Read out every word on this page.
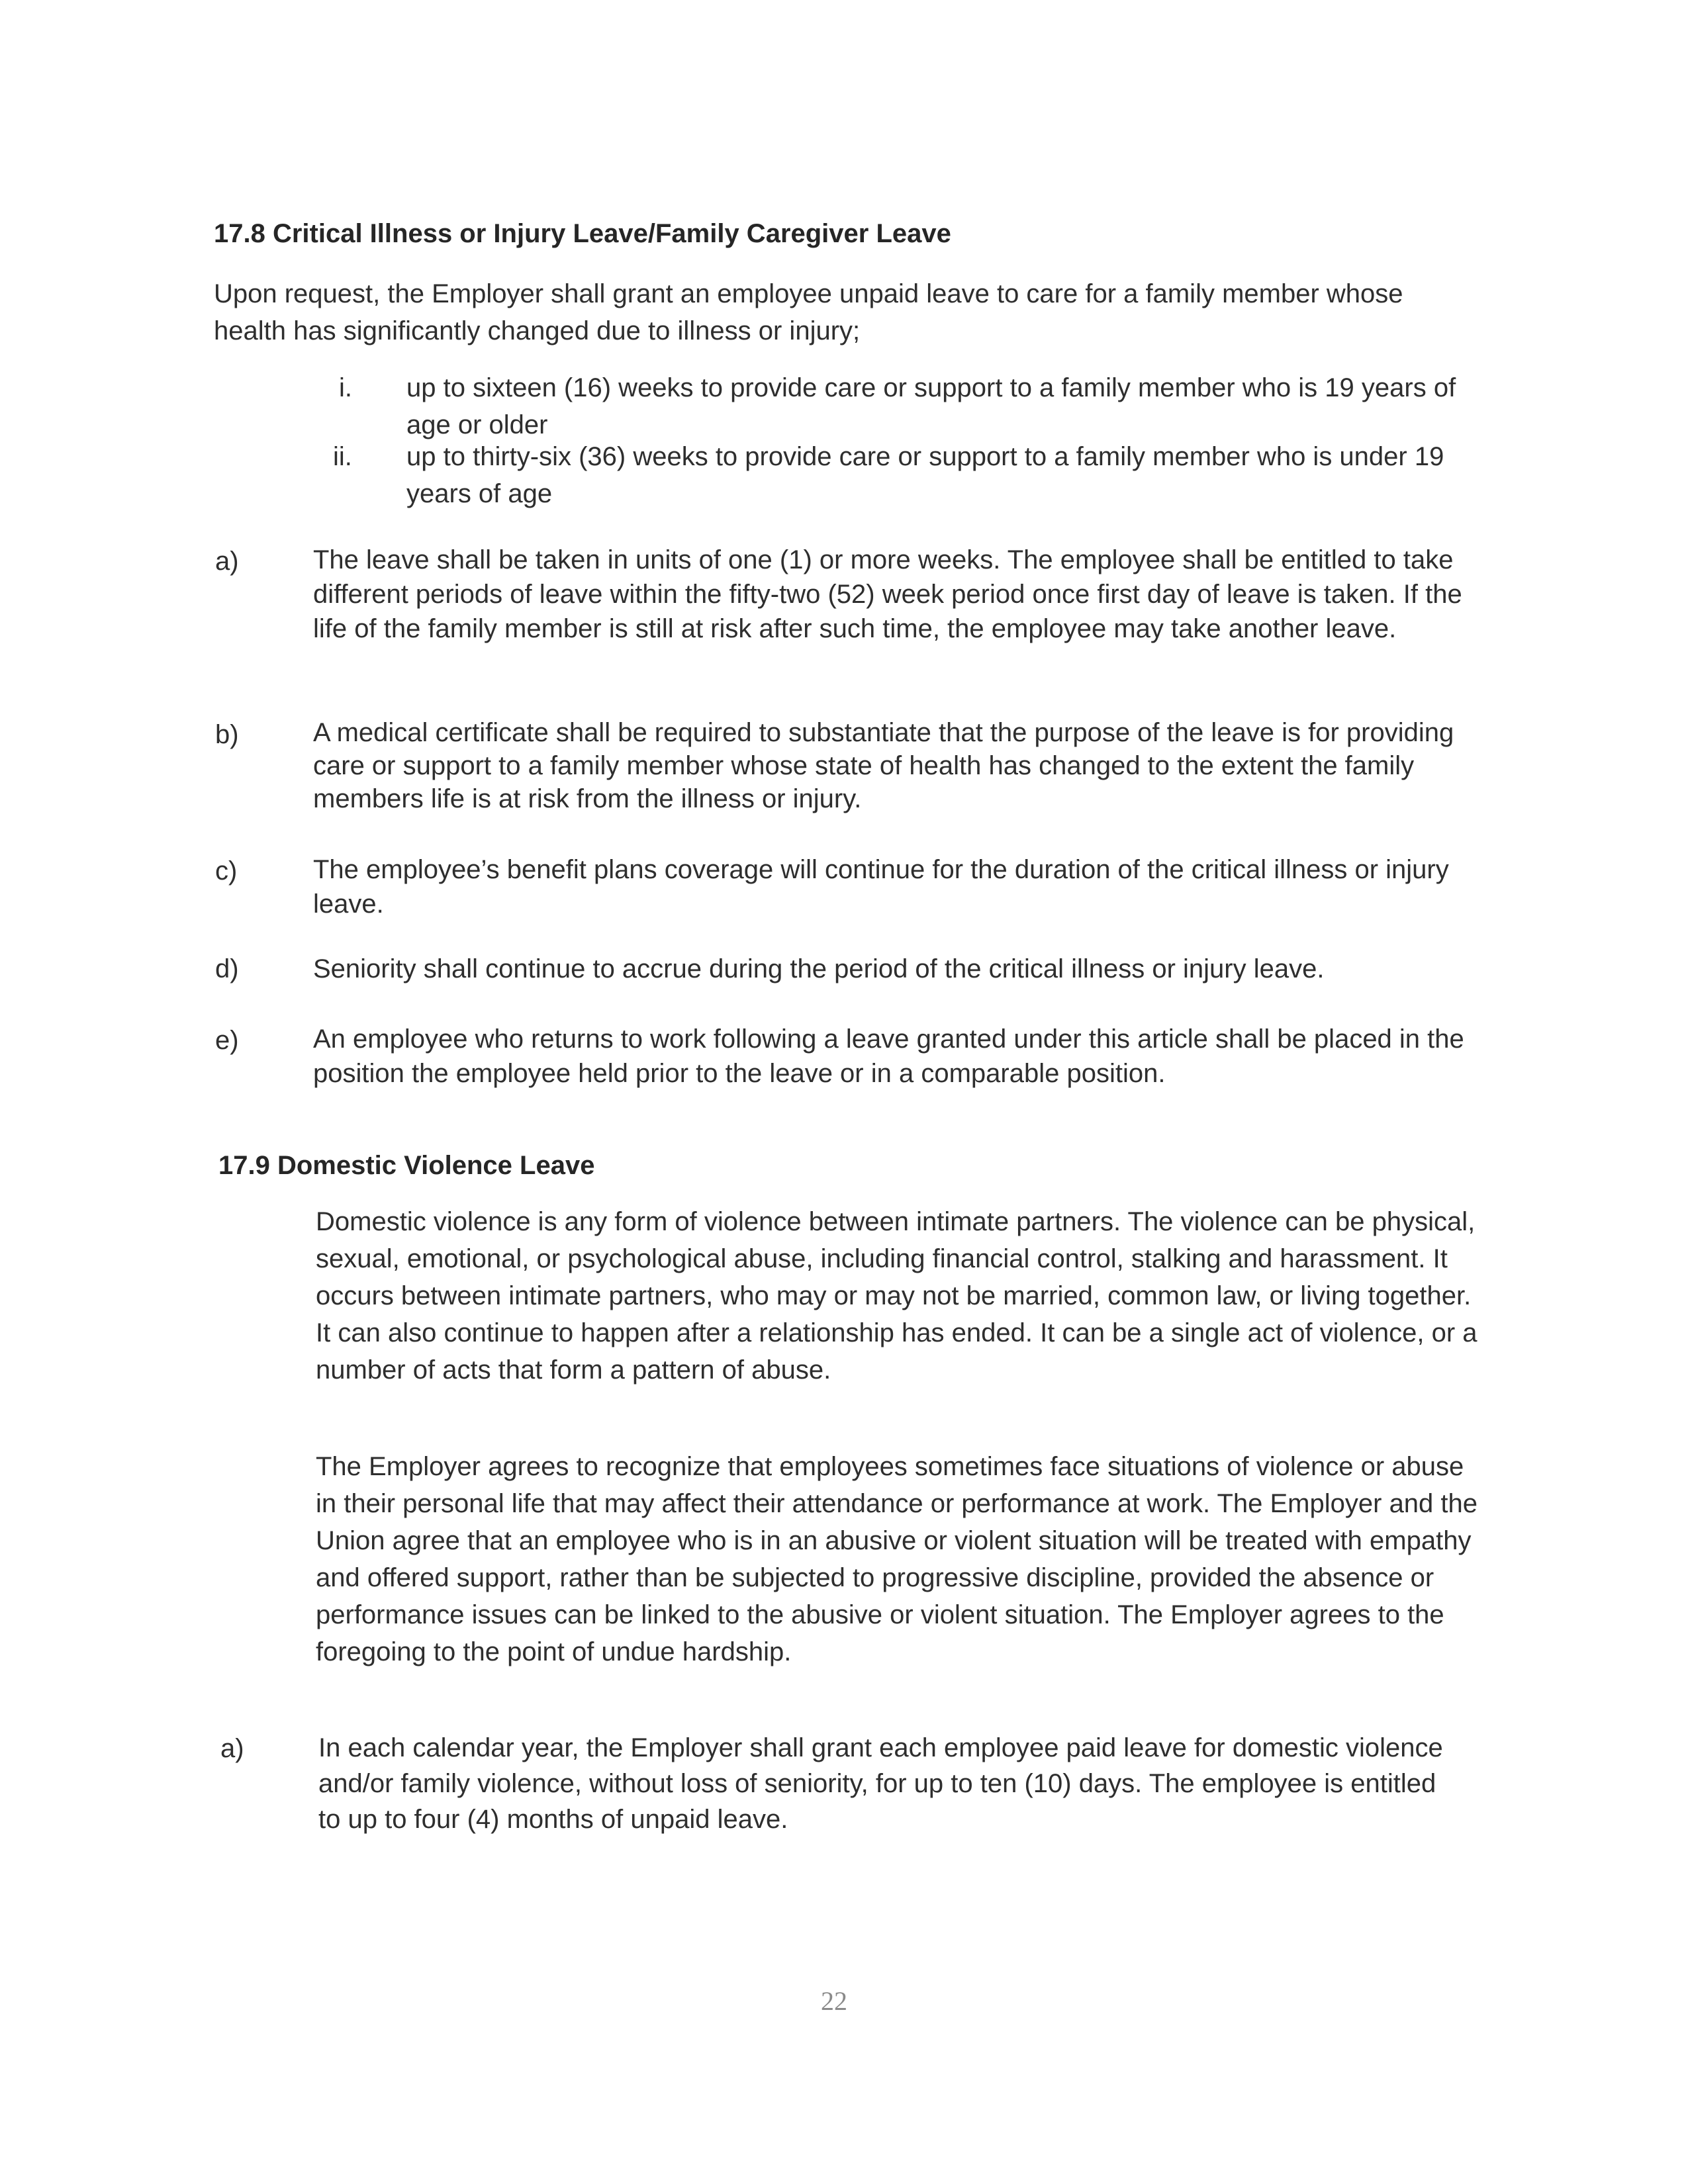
17.8 Critical Illness or Injury Leave/Family Caregiver Leave
Upon request, the Employer shall grant an employee unpaid leave to care for a family member whose health has significantly changed due to illness or injury;
i. up to sixteen (16) weeks to provide care or support to a family member who is 19 years of age or older
ii. up to thirty-six (36) weeks to provide care or support to a family member who is under 19 years of age
a)	The leave shall be taken in units of one (1) or more weeks. The employee shall be entitled to take different periods of leave within the fifty-two (52) week period once first day of leave is taken. If the life of the family member is still at risk after such time, the employee may take another leave.
b)	A medical certificate shall be required to substantiate that the purpose of the leave is for providing care or support to a family member whose state of health has changed to the extent the family members life is at risk from the illness or injury.
c)	The employee’s benefit plans coverage will continue for the duration of the critical illness or injury leave.
d)	Seniority shall continue to accrue during the period of the critical illness or injury leave.
e)	An employee who returns to work following a leave granted under this article shall be placed in the position the employee held prior to the leave or in a comparable position.
17.9 Domestic Violence Leave
Domestic violence is any form of violence between intimate partners. The violence can be physical, sexual, emotional, or psychological abuse, including financial control, stalking and harassment. It occurs between intimate partners, who may or may not be married, common law, or living together. It can also continue to happen after a relationship has ended. It can be a single act of violence, or a number of acts that form a pattern of abuse.
The Employer agrees to recognize that employees sometimes face situations of violence or abuse in their personal life that may affect their attendance or performance at work. The Employer and the Union agree that an employee who is in an abusive or violent situation will be treated with empathy and offered support, rather than be subjected to progressive discipline, provided the absence or performance issues can be linked to the abusive or violent situation. The Employer agrees to the foregoing to the point of undue hardship.
a)	In each calendar year, the Employer shall grant each employee paid leave for domestic violence and/or family violence, without loss of seniority, for up to ten (10) days. The employee is entitled to up to four (4) months of unpaid leave.
22
